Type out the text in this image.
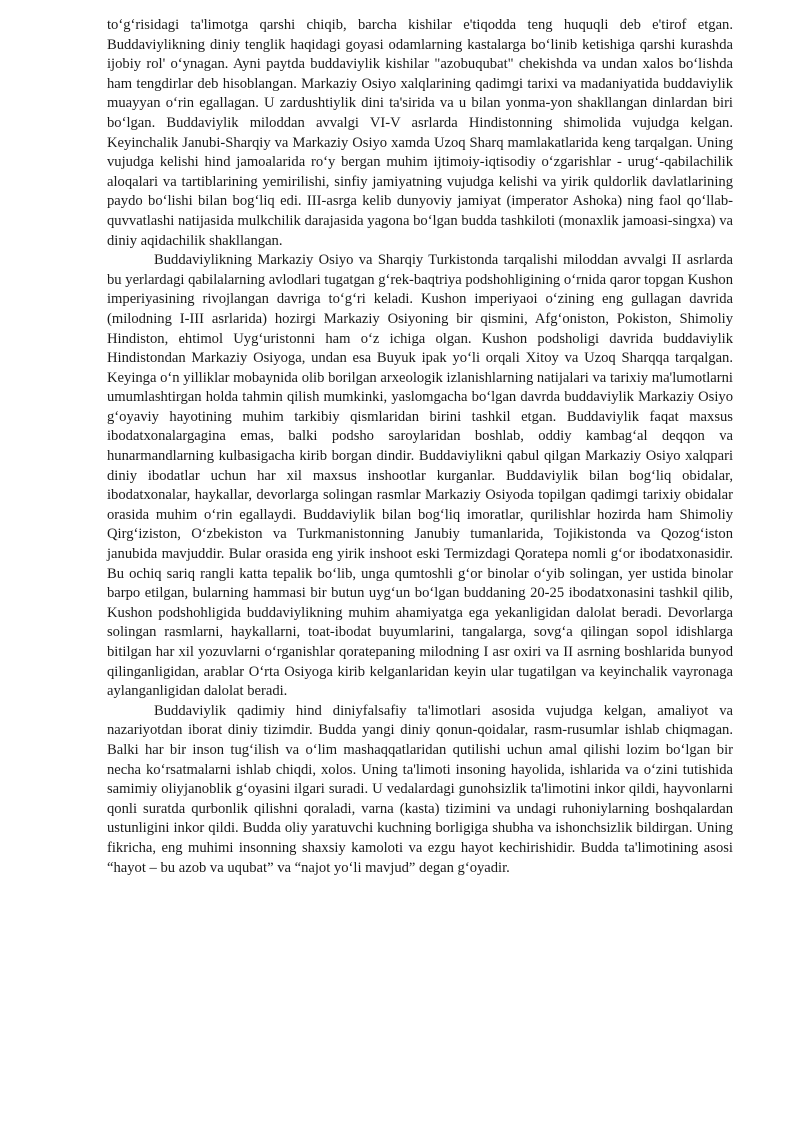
to‘g‘risidagi ta'limotga qarshi chiqib, barcha kishilar e'tiqodda teng huquqli deb e'tirof etgan. Buddaviylikning diniy tenglik haqidagi goyasi odamlarning kastalarga bo‘linib ketishiga qarshi kurashda ijobiy rol' o‘ynagan. Ayni paytda buddaviylik kishilar "azobuqubat" chekishda va undan xalos bo‘lishda ham tengdirlar deb hisoblangan. Markaziy Osiyo xalqlarining qadimgi tarixi va madaniyatida buddaviylik muayyan o‘rin egallagan. U zardushtiylik dini ta'sirida va u bilan yonma-yon shakllangan dinlardan biri bo‘lgan. Buddaviylik miloddan avvalgi VI-V asrlarda Hindistonning shimolida vujudga kelgan. Keyinchalik Janubi-Sharqiy va Markaziy Osiyo xamda Uzoq Sharq mamlakatlarida keng tarqalgan. Uning vujudga kelishi hind jamoalarida ro‘y bergan muhim ijtimoiy-iqtisodiy o‘zgarishlar - urug‘-qabilachilik aloqalari va tartiblarining yemirilishi, sinfiy jamiyatning vujudga kelishi va yirik quldorlik davlatlarining paydo bo‘lishi bilan bog‘liq edi. III-asrga kelib dunyoviy jamiyat (imperator Ashoka) ning faol qo‘llab-quvvatlashi natijasida mulkchilik darajasida yagona bo‘lgan budda tashkiloti (monaxlik jamoasi-singxa) va diniy aqidachilik shakllangan.

Buddaviylikning Markaziy Osiyo va Sharqiy Turkistonda tarqalishi miloddan avvalgi II asrlarda bu yerlardagi qabilalarning avlodlari tugatgan g‘rek-baqtriya podshohligining o‘rnida qaror topgan Kushon imperiyasining rivojlangan davriga to‘g‘ri keladi. Kushon imperiyaoi o‘zining eng gullagan davrida (milodning I-III asrlarida) hozirgi Markaziy Osiyoning bir qismini, Afg‘oniston, Pokiston, Shimoliy Hindiston, ehtimol Uyg‘uristonni ham o‘z ichiga olgan. Kushon podsholigi davrida buddaviylik Hindistondan Markaziy Osiyoga, undan esa Buyuk ipak yo‘li orqali Xitoy va Uzoq Sharqqa tarqalgan. Keyinga o‘n yilliklar mobaynida olib borilgan arxeologik izlanishlarning natijalari va tarixiy ma'lumotlarni umumlashtirgan holda tahmin qilish mumkinki, yaslomgacha bo‘lgan davrda buddaviylik Markaziy Osiyo g‘oyaviy hayotining muhim tarkibiy qismlaridan birini tashkil etgan. Buddaviylik faqat maxsus ibodatxonalargagina emas, balki podsho saroylaridan boshlab, oddiy kambag‘al deqqon va hunarmandlarning kulbasigacha kirib borgan dindir. Buddaviylikni qabul qilgan Markaziy Osiyo xalqpari diniy ibodatlar uchun har xil maxsus inshootlar kurganlar. Buddaviylik bilan bog‘liq obidalar, ibodatxonalar, haykallar, devorlarga solingan rasmlar Markaziy Osiyoda topilgan qadimgi tarixiy obidalar orasida muhim o‘rin egallaydi. Buddaviylik bilan bog‘liq imoratlar, qurilishlar hozirda ham Shimoliy Qirg‘iziston, O‘zbekiston va Turkmanistonning Janubiy tumanlarida, Tojikistonda va Qozog‘iston janubida mavjuddir. Bular orasida eng yirik inshoot eski Termizdagi Qoratepa nomli g‘or ibodatxonasidir. Bu ochiq sariq rangli katta tepalik bo‘lib, unga qumtoshli g‘or binolar o‘yib solingan, yer ustida binolar barpo etilgan, bularning hammasi bir butun uyg‘un bo‘lgan buddaning 20-25 ibodatxonasini tashkil qilib, Kushon podshohligida buddaviylikning muhim ahamiyatga ega yekanligidan dalolat beradi. Devorlarga solingan rasmlarni, haykallarni, toat-ibodat buyumlarini, tangalarga, sovg‘a qilingan sopol idishlarga bitilgan har xil yozuvlarni o‘rganishlar qoratepaning milodning I asr oxiri va II asrning boshlarida bunyod qilinganligidan, arablar O‘rta Osiyoga kirib kelganlaridan keyin ular tugatilgan va keyinchalik vayronaga aylanganligidan dalolat beradi.

Buddaviylik qadimiy hind diniyfalsafiy ta'limotlari asosida vujudga kelgan, amaliyot va nazariyotdan iborat diniy tizimdir. Budda yangi diniy qonun-qoidalar, rasm-rusumlar ishlab chiqmagan. Balki har bir inson tug‘ilish va o‘lim mashaqqatlaridan qutilishi uchun amal qilishi lozim bo‘lgan bir necha ko‘rsatmalarni ishlab chiqdi, xolos. Uning ta'limoti insoning hayolida, ishlarida va o‘zini tutishida samimiy oliyjanoblik g‘oyasini ilgari suradi. U vedalardagi gunohsizlik ta'limotini inkor qildi, hayvonlarni qonli suratda qurbonlik qilishni qoraladi, varna (kasta) tizimini va undagi ruhoniylarning boshqalardan ustunligini inkor qildi. Budda oliy yaratuvchi kuchning borligiga shubha va ishonchsizlik bildirgan. Uning fikricha, eng muhimi insonning shaxsiy kamoloti va ezgu hayot kechirishidir. Budda ta'limotining asosi “hayot – bu azob va uqubat” va “najot yo‘li mavjud” degan g‘oyadir.
